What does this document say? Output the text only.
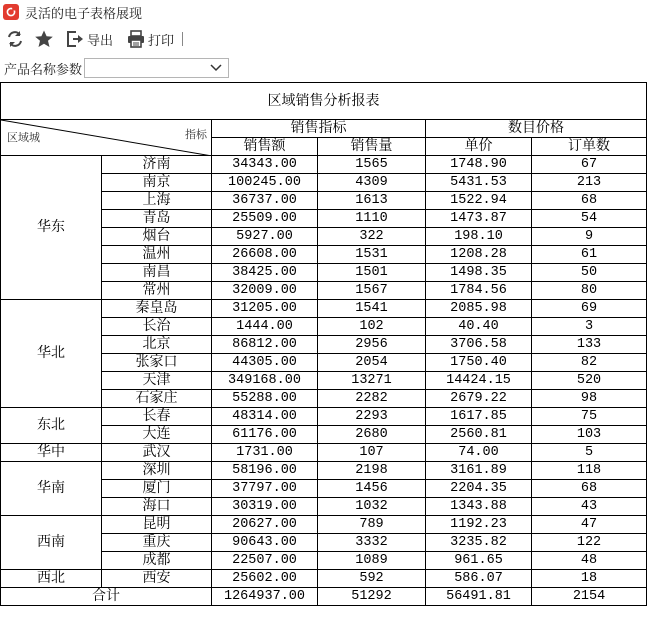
灵活的电子表格展现
导出	打印
产品名称参数
区域销售分析报表					

指标
区域城		销售指标		数目价格	
		销售额	销售量	单价	订单数
华东	济南	34343.00	1565	1748.90	67
	南京	100245.00	4309	5431.53	213
	上海	36737.00	1613	1522.94	68
	青岛	25509.00	1110	1473.87	54
	烟台	5927.00	322	198.10	9
	温州	26608.00	1531	1208.28	61
	南昌	38425.00	1501	1498.35	50
	常州	32009.00	1567	1784.56	80
华北	秦皇岛	31205.00	1541	2085.98	69
	长治	1444.00	102	40.40	3
	北京	86812.00	2956	3706.58	133
	张家口	44305.00	2054	1750.40	82
	天津	349168.00	13271	14424.15	520
	石家庄	55288.00	2282	2679.22	98
东北	长春	48314.00	2293	1617.85	75
	大连	61176.00	2680	2560.81	103
华中	武汉	1731.00	107	74.00	5
华南	深圳	58196.00	2198	3161.89	118
	厦门	37797.00	1456	2204.35	68
	海口	30319.00	1032	1343.88	43
西南	昆明	20627.00	789	1192.23	47
	重庆	90643.00	3332	3235.82	122
	成都	22507.00	1089	961.65	48
西北	西安	25602.00	592	586.07	18
合计		1264937.00	51292	56491.81	2154
